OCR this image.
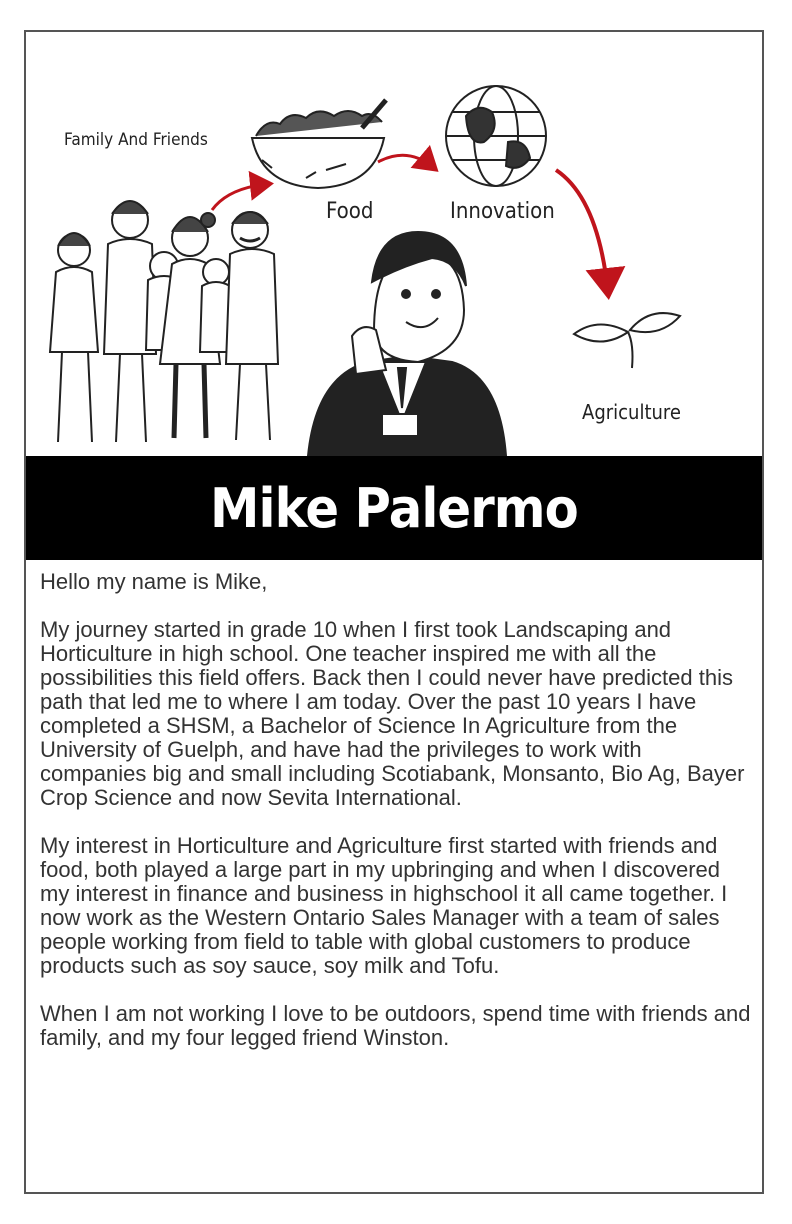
Family And Friends
Food	Innovation
Agriculture
Mike Palermo

Hello my name is Mike,

My journey started in grade 10 when I first took Landscaping and Horticulture in high school. One teacher inspired me with all the possibilities this field offers. Back then I could never have predicted this path that led me to where I am today. Over the past 10 years I have completed a SHSM, a Bachelor of Science In Agriculture from the University of Guelph, and have had the privileges to work with companies big and small including Scotiabank, Monsanto, Bio Ag, Bayer Crop Science and now Sevita International.

My interest in Horticulture and Agriculture first started with friends and food, both played a large part in my upbringing and when I discovered my interest in finance and business in highschool it all came together. I now work as the Western Ontario Sales Manager with a team of sales people working from field to table with global customers to produce products such as soy sauce, soy milk and Tofu.

When I am not working I love to be outdoors, spend time with friends and family, and my four legged friend Winston.
